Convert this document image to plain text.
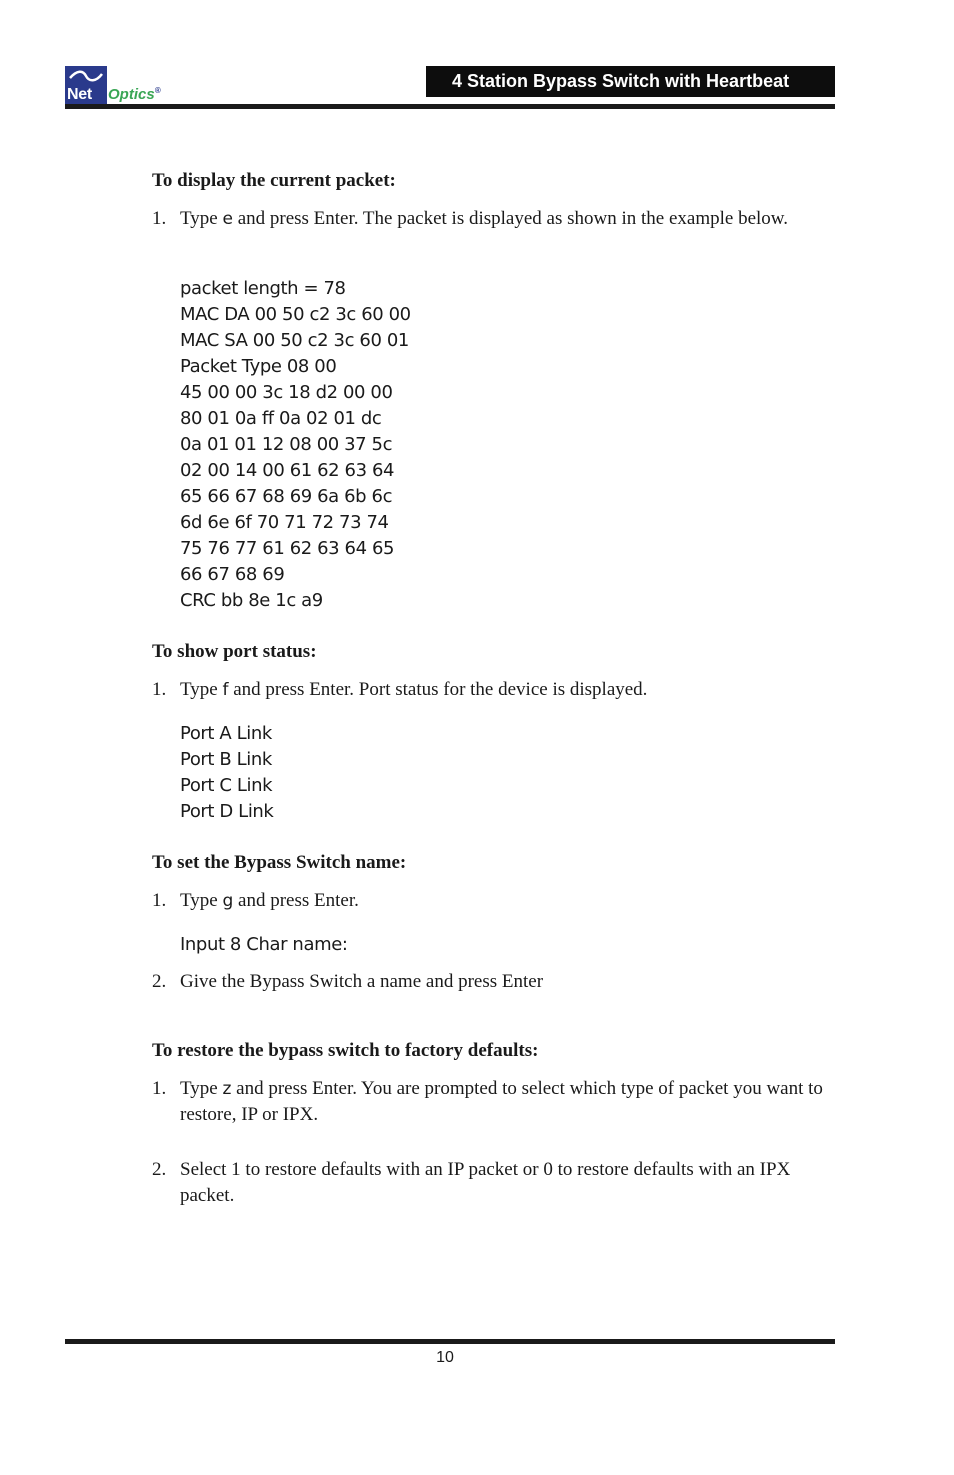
Net Optics®	4 Station Bypass Switch with Heartbeat
To display the current packet:
1. Type e and press Enter. The packet is displayed as shown in the example below.
packet length = 78
MAC DA 00 50 c2 3c 60 00
MAC SA 00 50 c2 3c 60 01
Packet Type 08 00
45 00 00 3c 18 d2 00 00
80 01 0a ff 0a 02 01 dc
0a 01 01 12 08 00 37 5c
02 00 14 00 61 62 63 64
65 66 67 68 69 6a 6b 6c
6d 6e 6f 70 71 72 73 74
75 76 77 61 62 63 64 65
66 67 68 69
CRC bb 8e 1c a9
To show port status:
1. Type f and press Enter. Port status for the device is displayed.
Port A Link
Port B Link
Port C Link
Port D Link
To set the Bypass Switch name:
1. Type g and press Enter.
Input 8 Char name:
2. Give the Bypass Switch a name and press Enter
To restore the bypass switch to factory defaults:
1. Type z and press Enter. You are prompted to select which type of packet you want to restore, IP or IPX.
2. Select 1 to restore defaults with an IP packet or 0 to restore defaults with an IPX packet.
10
